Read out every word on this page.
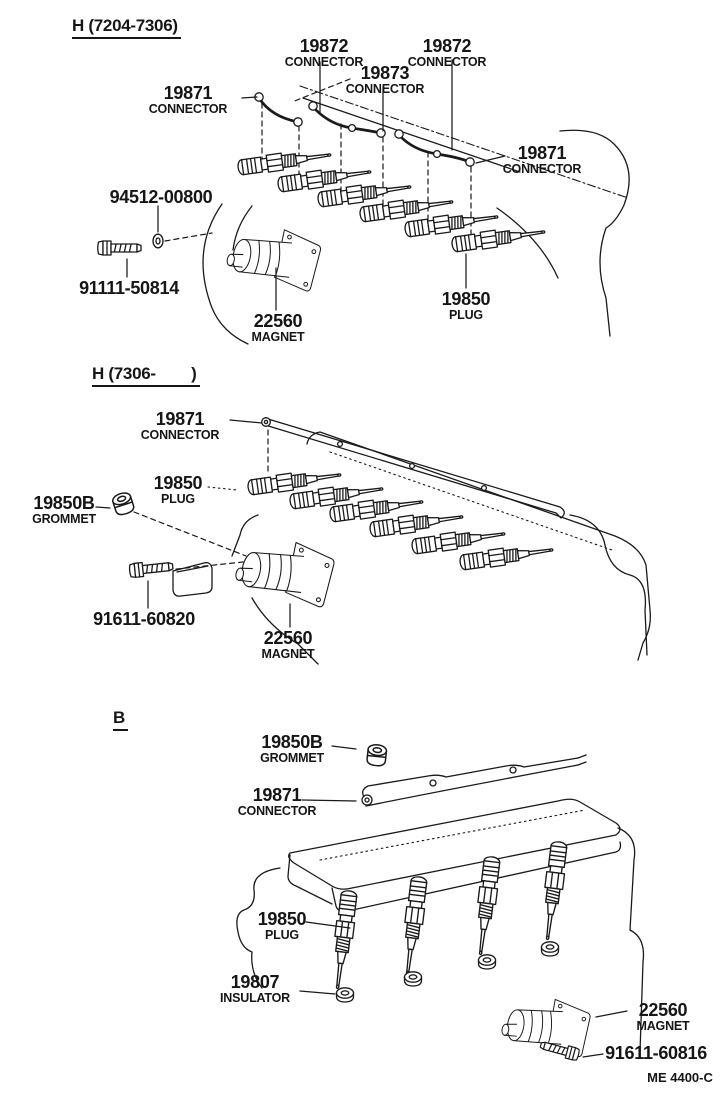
H (7204-7306)
H (7306-        )
B
19871
CONNECTOR
19872
CONNECTOR
19873
CONNECTOR
19872
CONNECTOR
19871
CONNECTOR
94512-00800
91111-50814
22560
MAGNET
19850
PLUG
19871
CONNECTOR
19850
PLUG
19850B
GROMMET
91611-60820
22560
MAGNET
19850B
GROMMET
19871
CONNECTOR
19850
PLUG
19807
INSULATOR
22560
MAGNET
91611-60816
ME 4400-C
